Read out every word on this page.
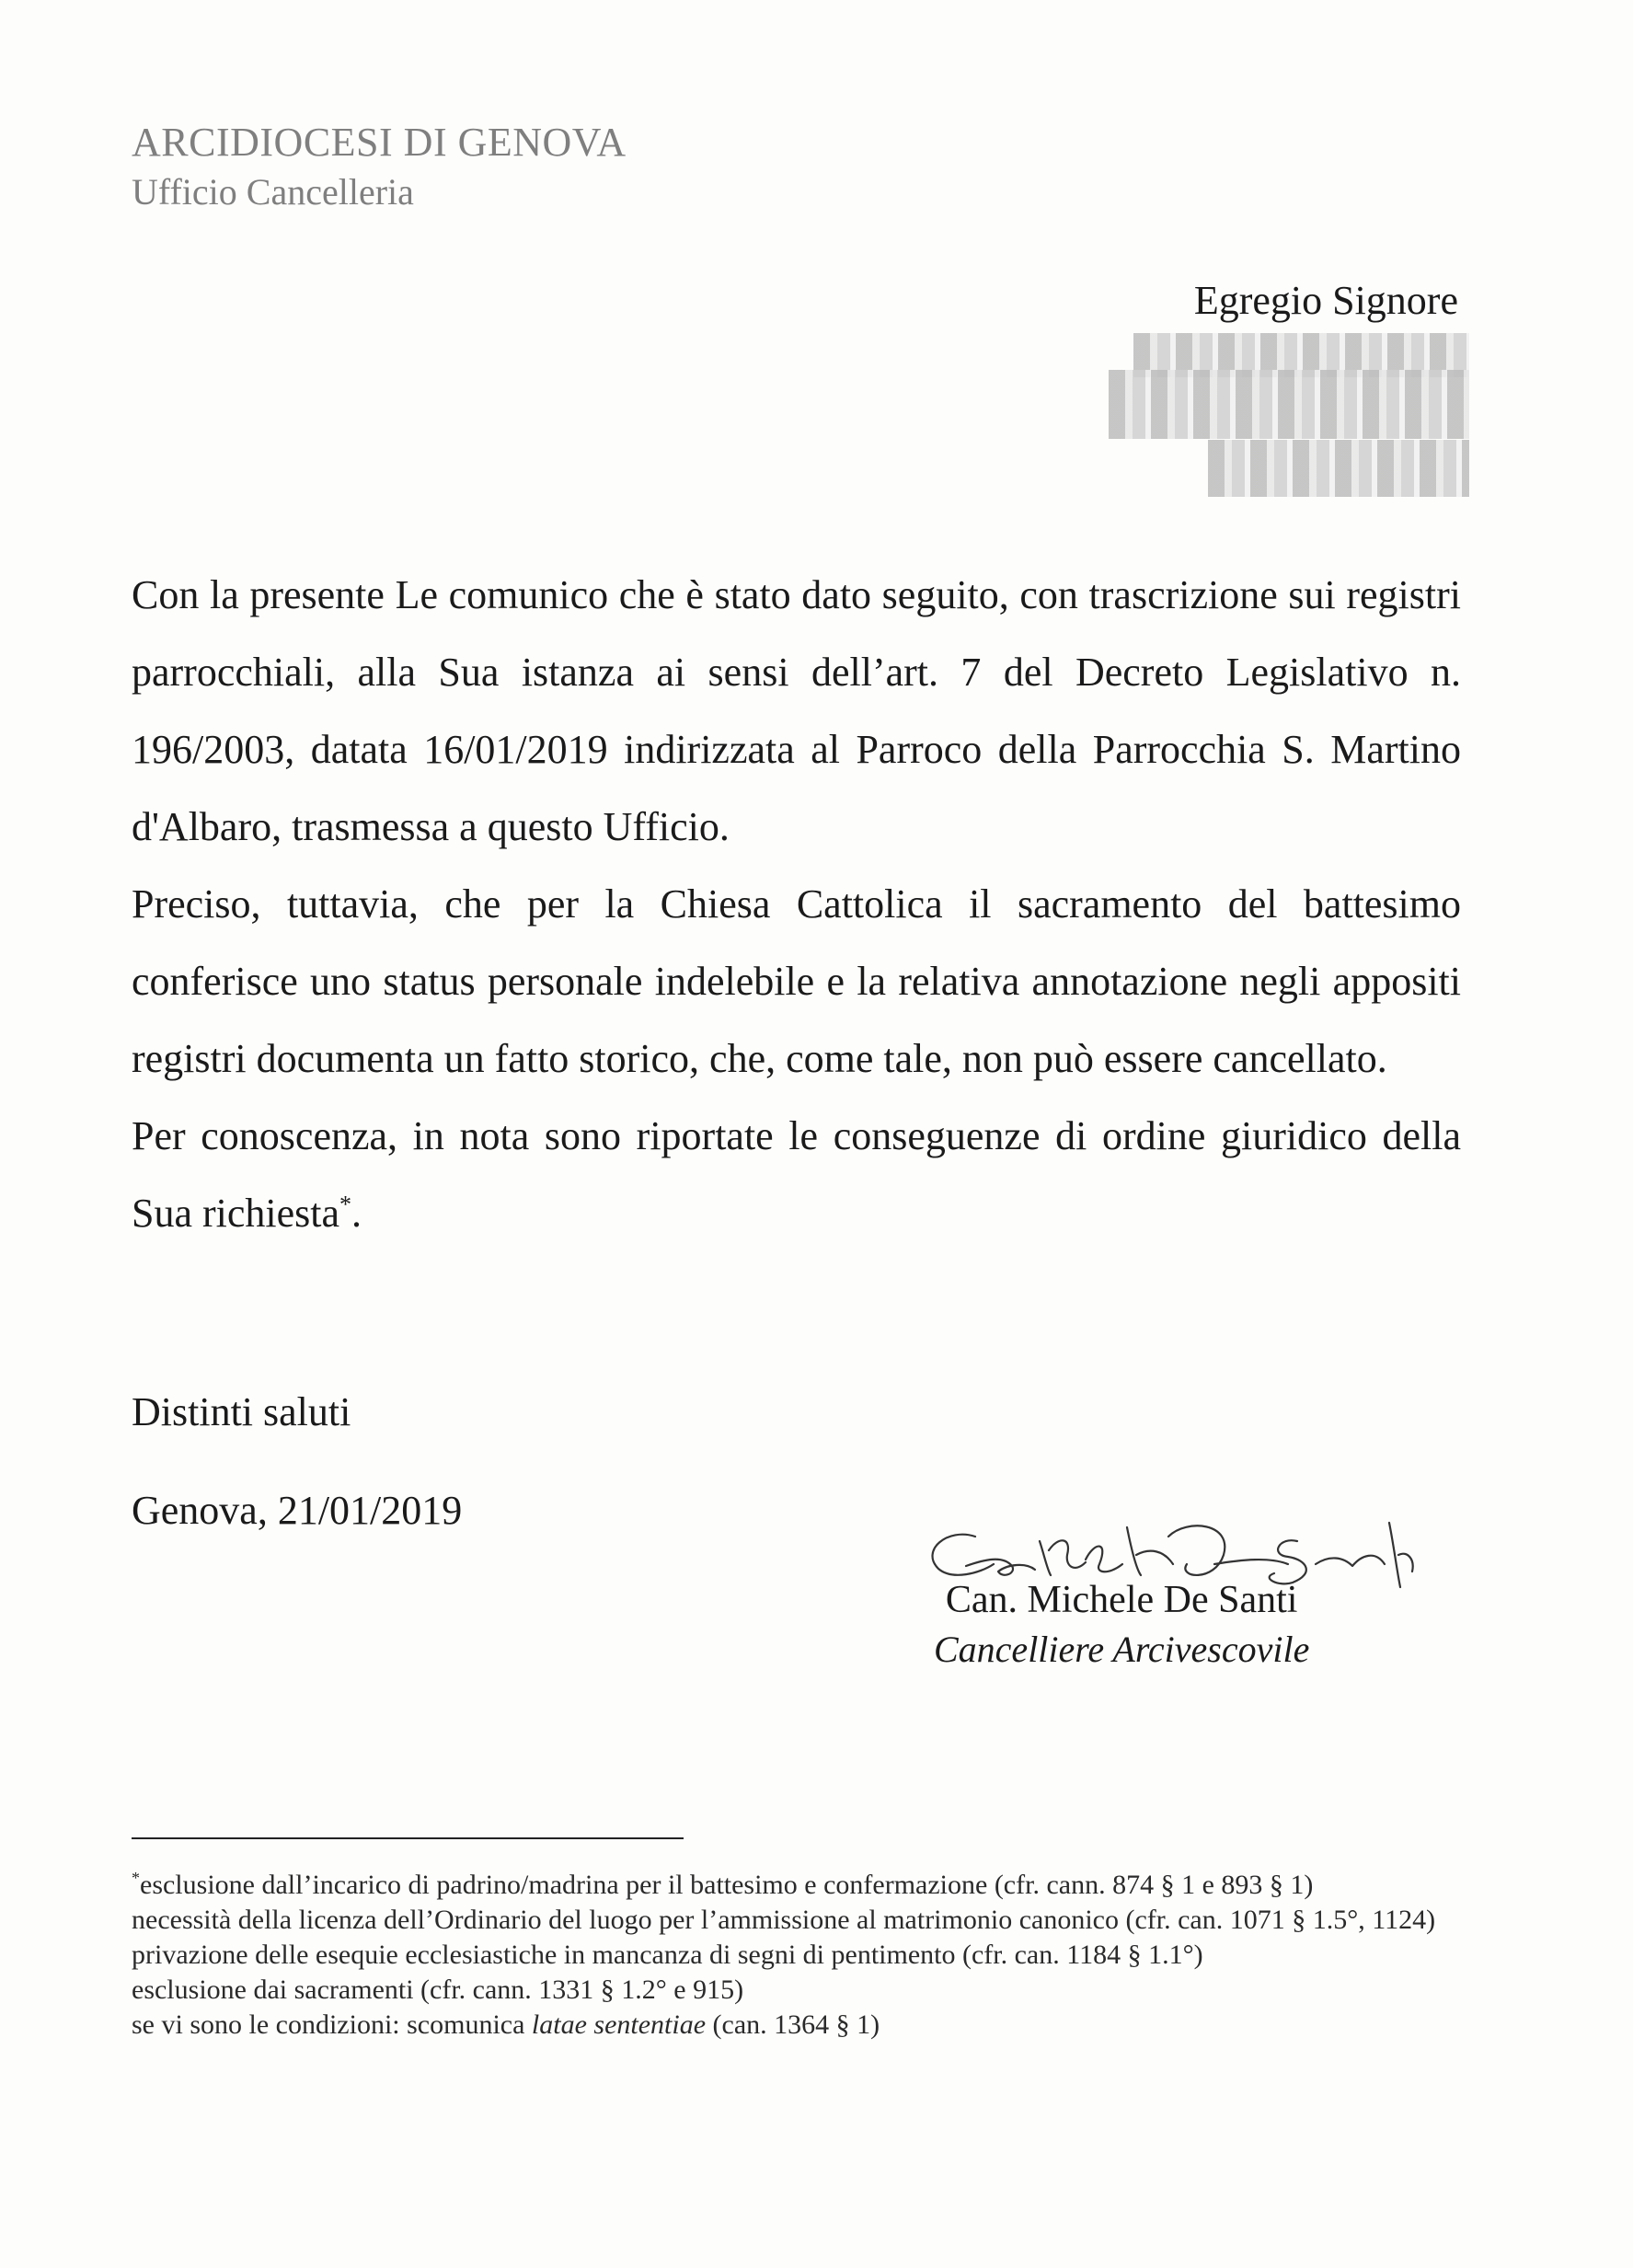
ARCIDIOCESI DI GENOVA
Ufficio Cancelleria
Egregio Signore

Con la presente Le comunico che è stato dato seguito, con trascrizione sui registri parrocchiali, alla Sua istanza ai sensi dell’art. 7 del Decreto Legislativo n. 196/2003, datata 16/01/2019 indirizzata al Parroco della Parrocchia S. Martino d'Albaro, trasmessa a questo Ufficio.

Preciso, tuttavia, che per la Chiesa Cattolica il sacramento del battesimo conferisce uno status personale indelebile e la relativa annotazione negli appositi registri documenta un fatto storico, che, come tale, non può essere cancellato.

Per conoscenza, in nota sono riportate le conseguenze di ordine giuridico della Sua richiesta*.

Distinti saluti
Genova, 21/01/2019
Can. Michele De Santi
Cancelliere Arcivescovile

*esclusione dall’incarico di padrino/madrina per il battesimo e confermazione (cfr. cann. 874 § 1 e 893 § 1)

necessità della licenza dell’Ordinario del luogo per l’ammissione al matrimonio canonico (cfr. can. 1071 § 1.5°, 1124)

privazione delle esequie ecclesiastiche in mancanza di segni di pentimento (cfr. can. 1184 § 1.1°)

esclusione dai sacramenti (cfr. cann. 1331 § 1.2° e 915)

se vi sono le condizioni: scomunica latae sententiae (can. 1364 § 1)
